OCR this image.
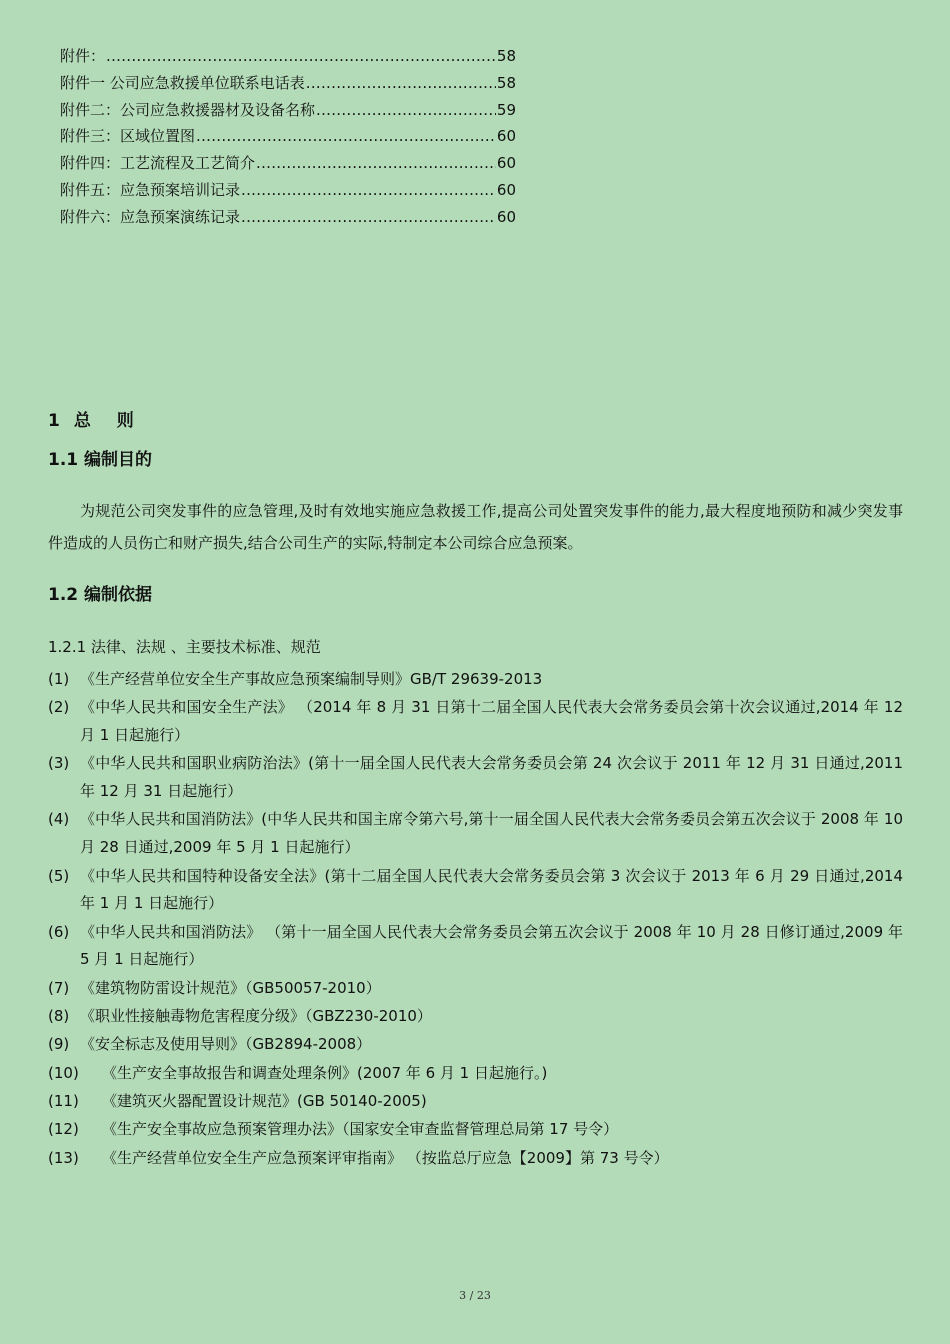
附件： .....	58
附件一 公司应急救援单位联系电话表 .....	58
附件二：公司应急救援器材及设备名称 .....	59
附件三：区域位置图 .....	60
附件四：工艺流程及工艺简介 .....	60
附件五：应急预案培训记录 .....	60
附件六：应急预案演练记录 .....	60
1 总 则
1.1 编制目的
为规范公司突发事件的应急管理,及时有效地实施应急救援工作,提高公司处置突发事件的能力,最大程度地预防和减少突发事件造成的人员伤亡和财产损失,结合公司生产的实际,特制定本公司综合应急预案。
1.2 编制依据
1.2.1 法律、法规 、主要技术标准、规范
(1) 《生产经营单位安全生产事故应急预案编制导则》GB/T 29639-2013
(2) 《中华人民共和国安全生产法》 （2014 年 8 月 31 日第十二届全国人民代表大会常务委员会第十次会议通过,2014 年 12 月 1 日起施行）
(3) 《中华人民共和国职业病防治法》(第十一届全国人民代表大会常务委员会第 24 次会议于 2011 年 12 月 31 日通过,2011 年 12 月 31 日起施行）
(4) 《中华人民共和国消防法》(中华人民共和国主席令第六号,第十一届全国人民代表大会常务委员会第五次会议于 2008 年 10 月 28 日通过,2009 年 5 月 1 日起施行）
(5) 《中华人民共和国特种设备安全法》(第十二届全国人民代表大会常务委员会第 3 次会议于 2013 年 6 月 29 日通过,2014 年 1 月 1 日起施行）
(6) 《中华人民共和国消防法》 （第十一届全国人民代表大会常务委员会第五次会议于 2008 年 10 月 28 日修订通过,2009 年 5 月 1 日起施行）
(7) 《建筑物防雷设计规范》（GB50057-2010）
(8) 《职业性接触毒物危害程度分级》（GBZ230-2010）
(9) 《安全标志及使用导则》（GB2894-2008）
(10)	《生产安全事故报告和调查处理条例》(2007 年 6 月 1 日起施行。)
(11)	《建筑灭火器配置设计规范》(GB 50140-2005)
(12)	《生产安全事故应急预案管理办法》（国家安全审查监督管理总局第 17 号令）
(13)	《生产经营单位安全生产应急预案评审指南》 （按监总厅应急【2009】第 73 号令）
3 / 23
